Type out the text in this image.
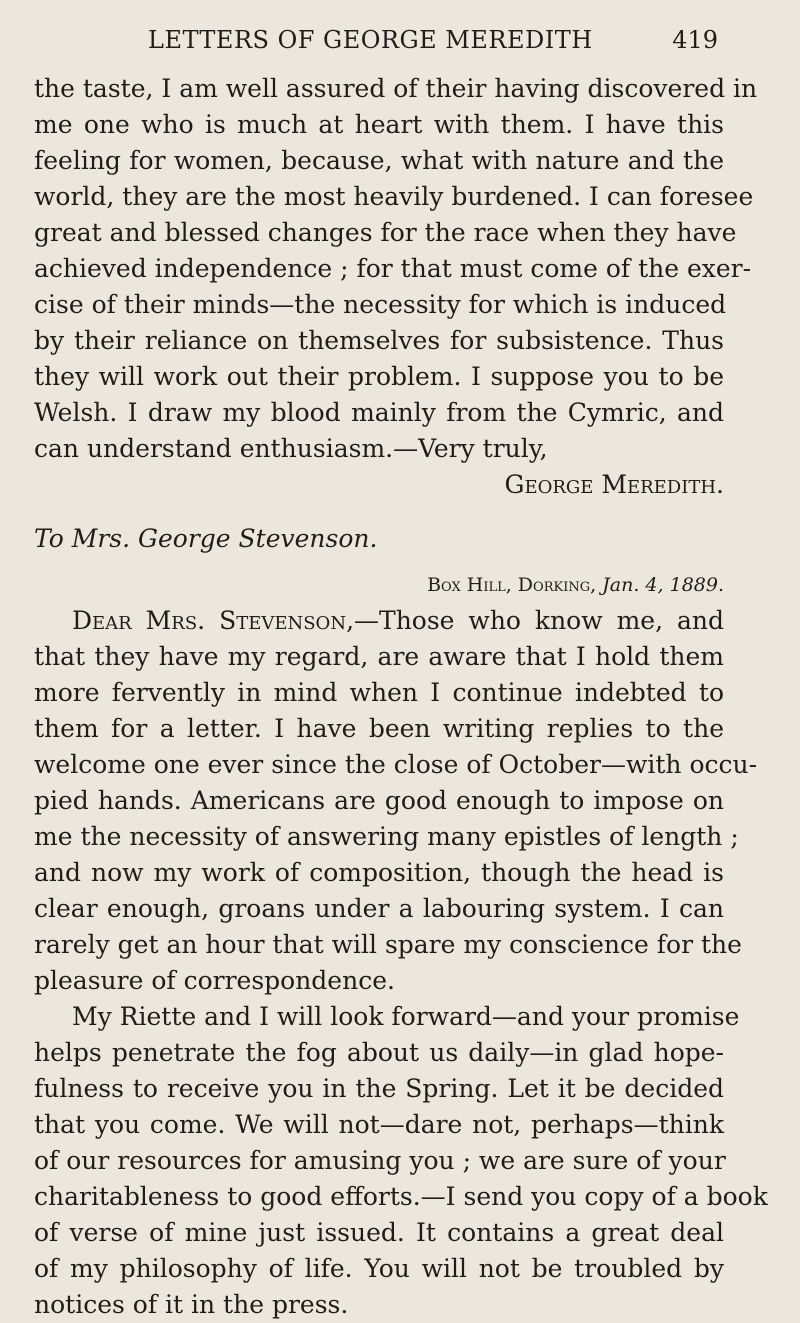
LETTERS OF GEORGE MEREDITH	419
the taste, I am well assured of their having discovered in
me one who is much at heart with them. I have this
feeling for women, because, what with nature and the
world, they are the most heavily burdened. I can foresee
great and blessed changes for the race when they have
achieved independence ; for that must come of the exer-
cise of their minds—the necessity for which is induced
by their reliance on themselves for subsistence. Thus
they will work out their problem. I suppose you to be
Welsh. I draw my blood mainly from the Cymric, and
can understand enthusiasm.—Very truly,
George Meredith.
To Mrs. George Stevenson.
Box Hill, Dorking, Jan. 4, 1889.
Dear Mrs. Stevenson,—Those who know me, and
that they have my regard, are aware that I hold them
more fervently in mind when I continue indebted to
them for a letter. I have been writing replies to the
welcome one ever since the close of October—with occu-
pied hands. Americans are good enough to impose on
me the necessity of answering many epistles of length ;
and now my work of composition, though the head is
clear enough, groans under a labouring system. I can
rarely get an hour that will spare my conscience for the
pleasure of correspondence.
My Riette and I will look forward—and your promise
helps penetrate the fog about us daily—in glad hope-
fulness to receive you in the Spring. Let it be decided
that you come. We will not—dare not, perhaps—think
of our resources for amusing you ; we are sure of your
charitableness to good efforts.—I send you copy of a book
of verse of mine just issued. It contains a great deal
of my philosophy of life. You will not be troubled by
notices of it in the press.
